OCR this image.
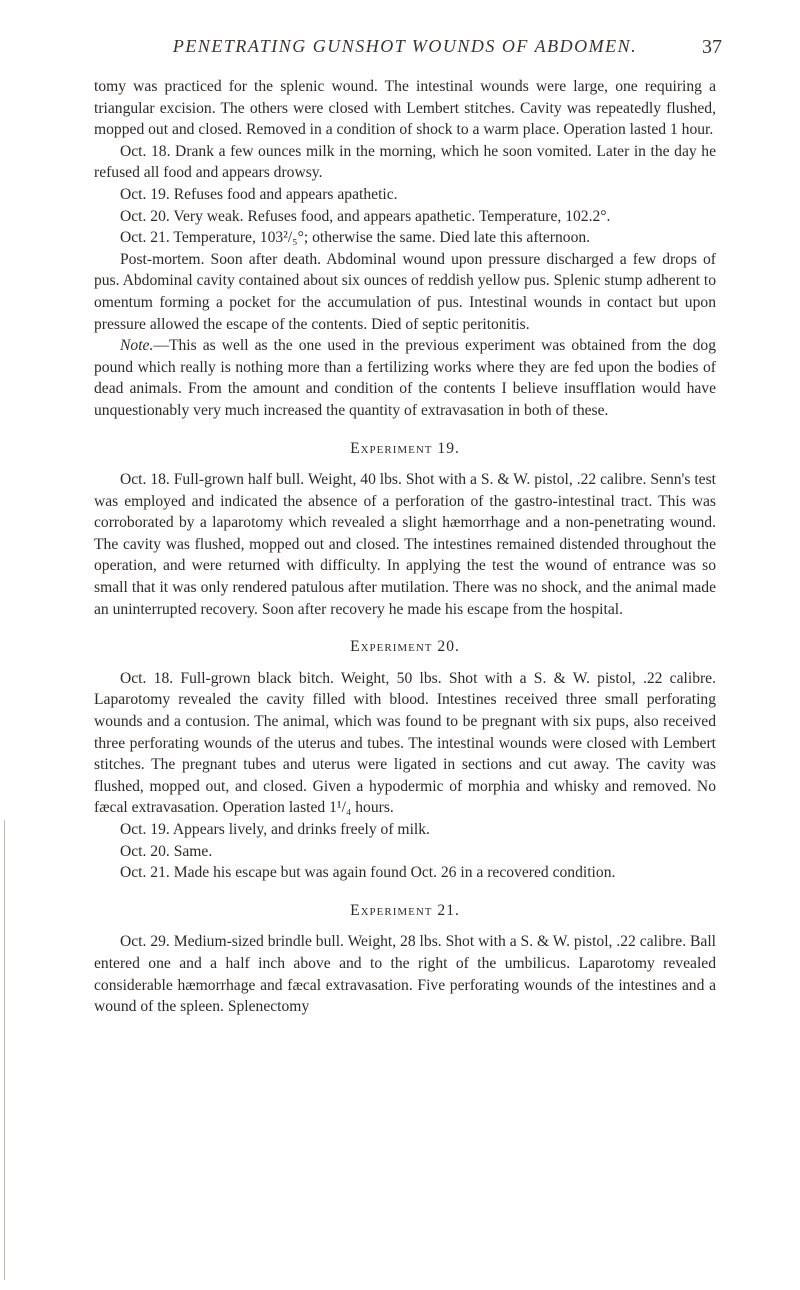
PENETRATING GUNSHOT WOUNDS OF ABDOMEN.	37

tomy was practiced for the splenic wound. The intestinal wounds were large, one requiring a triangular excision. The others were closed with Lembert stitches. Cavity was repeatedly flushed, mopped out and closed. Removed in a condition of shock to a warm place. Operation lasted 1 hour.

Oct. 18. Drank a few ounces milk in the morning, which he soon vomited. Later in the day he refused all food and appears drowsy.

Oct. 19. Refuses food and appears apathetic.

Oct. 20. Very weak. Refuses food, and appears apathetic. Temperature, 102.2°.

Oct. 21. Temperature, 103²/₅°; otherwise the same. Died late this afternoon.

Post-mortem. Soon after death. Abdominal wound upon pressure discharged a few drops of pus. Abdominal cavity contained about six ounces of reddish yellow pus. Splenic stump adherent to omentum forming a pocket for the accumulation of pus. Intestinal wounds in contact but upon pressure allowed the escape of the contents. Died of septic peritonitis.

Note.—This as well as the one used in the previous experiment was obtained from the dog pound which really is nothing more than a fertilizing works where they are fed upon the bodies of dead animals. From the amount and condition of the contents I believe insufflation would have unquestionably very much increased the quantity of extravasation in both of these.

Experiment 19.

Oct. 18. Full-grown half bull. Weight, 40 lbs. Shot with a S. & W. pistol, .22 calibre. Senn's test was employed and indicated the absence of a perforation of the gastro-intestinal tract. This was corroborated by a laparotomy which revealed a slight hæmorrhage and a non-penetrating wound. The cavity was flushed, mopped out and closed. The intestines remained distended throughout the operation, and were returned with difficulty. In applying the test the wound of entrance was so small that it was only rendered patulous after mutilation. There was no shock, and the animal made an uninterrupted recovery. Soon after recovery he made his escape from the hospital.

Experiment 20.

Oct. 18. Full-grown black bitch. Weight, 50 lbs. Shot with a S. & W. pistol, .22 calibre. Laparotomy revealed the cavity filled with blood. Intestines received three small perforating wounds and a contusion. The animal, which was found to be pregnant with six pups, also received three perforating wounds of the uterus and tubes. The intestinal wounds were closed with Lembert stitches. The pregnant tubes and uterus were ligated in sections and cut away. The cavity was flushed, mopped out, and closed. Given a hypodermic of morphia and whisky and removed. No fæcal extravasation. Operation lasted 1¹/₄ hours.

Oct. 19. Appears lively, and drinks freely of milk.

Oct. 20. Same.

Oct. 21. Made his escape but was again found Oct. 26 in a recovered condition.

Experiment 21.

Oct. 29. Medium-sized brindle bull. Weight, 28 lbs. Shot with a S. & W. pistol, .22 calibre. Ball entered one and a half inch above and to the right of the umbilicus. Laparotomy revealed considerable hæmorrhage and fæcal extravasation. Five perforating wounds of the intestines and a wound of the spleen. Splenectomy
